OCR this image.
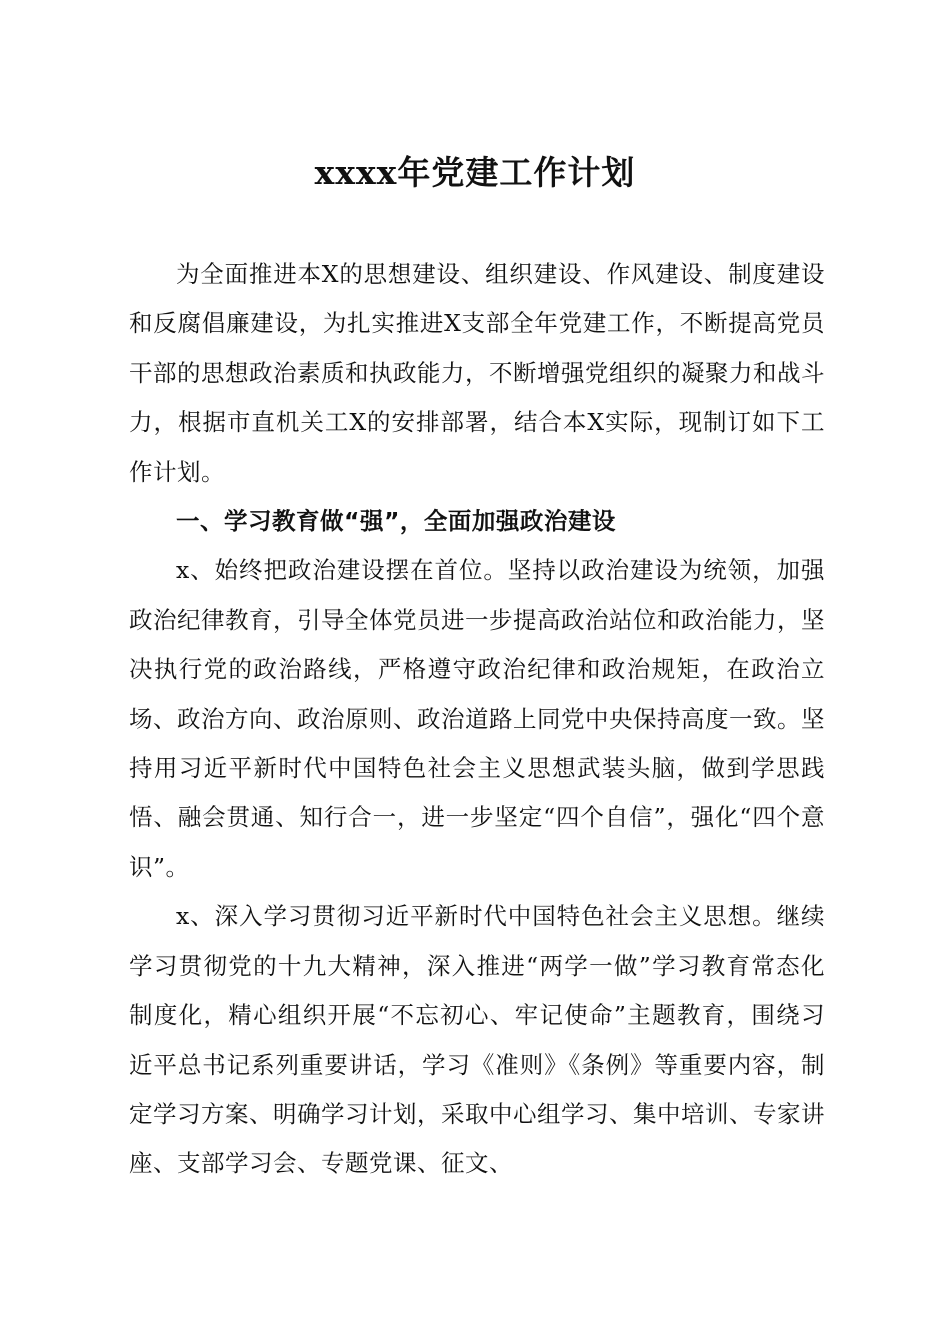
xxxx年党建工作计划

为全面推进本X的思想建设、组织建设、作风建设、制度建设和反腐倡廉建设，为扎实推进X支部全年党建工作，不断提高党员干部的思想政治素质和执政能力，不断增强党组织的凝聚力和战斗力，根据市直机关工X的安排部署，结合本X实际，现制订如下工作计划。

一、学习教育做“强”，全面加强政治建设

x、始终把政治建设摆在首位。坚持以政治建设为统领，加强政治纪律教育，引导全体党员进一步提高政治站位和政治能力，坚决执行党的政治路线，严格遵守政治纪律和政治规矩，在政治立场、政治方向、政治原则、政治道路上同党中央保持高度一致。坚持用习近平新时代中国特色社会主义思想武装头脑，做到学思践悟、融会贯通、知行合一，进一步坚定“四个自信”，强化“四个意识”。

x、深入学习贯彻习近平新时代中国特色社会主义思想。继续学习贯彻党的十九大精神，深入推进“两学一做”学习教育常态化制度化，精心组织开展“不忘初心、牢记使命”主题教育，围绕习近平总书记系列重要讲话，学习《准则》《条例》等重要内容，制定学习方案、明确学习计划，采取中心组学习、集中培训、专家讲座、支部学习会、专题党课、征文、
